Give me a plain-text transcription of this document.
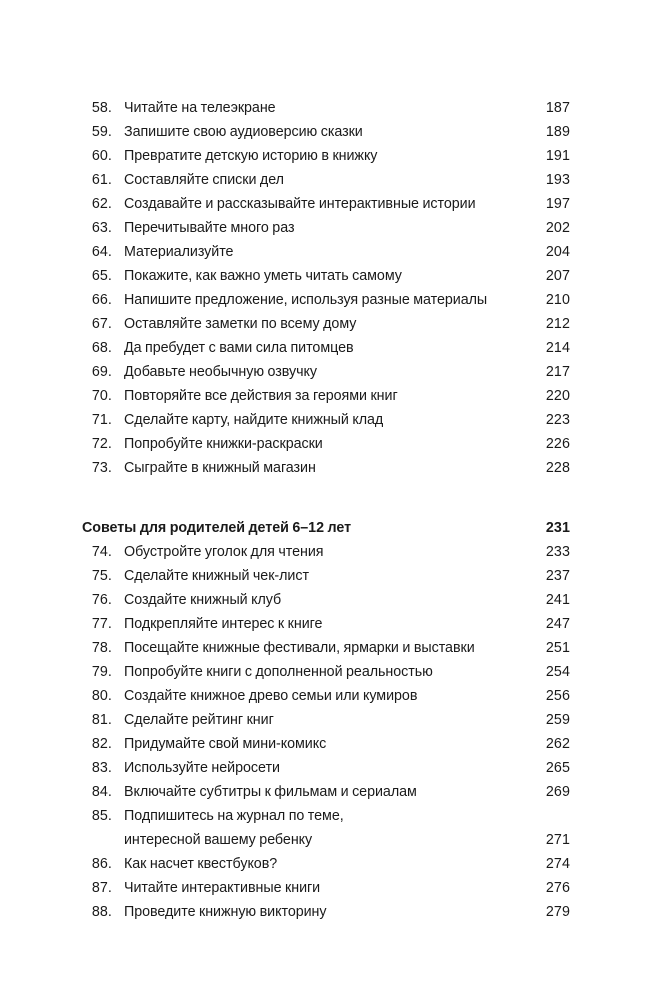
58. Читайте на телеэкране	187
59. Запишите свою аудиоверсию сказки	189
60. Превратите детскую историю в книжку	191
61. Составляйте списки дел	193
62. Создавайте и рассказывайте интерактивные истории	197
63. Перечитывайте много раз	202
64. Материализуйте	204
65. Покажите, как важно уметь читать самому	207
66. Напишите предложение, используя разные материалы	210
67. Оставляйте заметки по всему дому	212
68. Да пребудет с вами сила питомцев	214
69. Добавьте необычную озвучку	217
70. Повторяйте все действия за героями книг	220
71. Сделайте карту, найдите книжный клад	223
72. Попробуйте книжки-раскраски	226
73. Сыграйте в книжный магазин	228
Советы для родителей детей 6–12 лет	231
74. Обустройте уголок для чтения	233
75. Сделайте книжный чек-лист	237
76. Создайте книжный клуб	241
77. Подкрепляйте интерес к книге	247
78. Посещайте книжные фестивали, ярмарки и выставки	251
79. Попробуйте книги с дополненной реальностью	254
80. Создайте книжное древо семьи или кумиров	256
81. Сделайте рейтинг книг	259
82. Придумайте свой мини-комикс	262
83. Используйте нейросети	265
84. Включайте субтитры к фильмам и сериалам	269
85. Подпишитесь на журнал по теме,
интересной вашему ребенку	271
86. Как насчет квестбуков?	274
87. Читайте интерактивные книги	276
88. Проведите книжную викторину	279
